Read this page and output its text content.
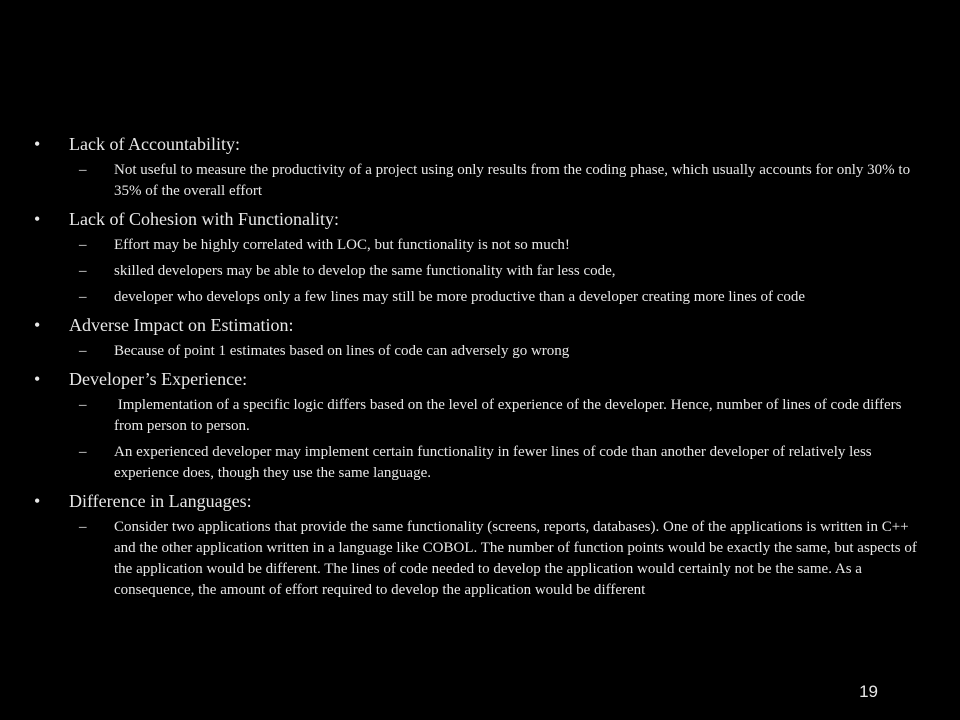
•	Lack of Accountability:
–	Not useful to measure the productivity of a project using only results from the coding phase, which usually accounts for only 30% to 35% of the overall effort
•	Lack of Cohesion with Functionality:
–	Effort may be highly correlated with LOC, but functionality is not so much!
–	skilled developers may be able to develop the same functionality with far less code,
–	developer who develops only a few lines may still be more productive than a developer creating more lines of code
•	Adverse Impact on Estimation:
–	Because of point 1 estimates based on lines of code can adversely go wrong
•	Developer’s Experience:
–	Implementation of a specific logic differs based on the level of experience of the developer. Hence, number of lines of code differs from person to person.
–	An experienced developer may implement certain functionality in fewer lines of code than another developer of relatively less experience does, though they use the same language.
•	Difference in Languages:
–	Consider two applications that provide the same functionality (screens, reports, databases). One of the applications is written in C++ and the other application written in a language like COBOL. The number of function points would be exactly the same, but aspects of the application would be different. The lines of code needed to develop the application would certainly not be the same. As a consequence, the amount of effort required to develop the application would be different
19
